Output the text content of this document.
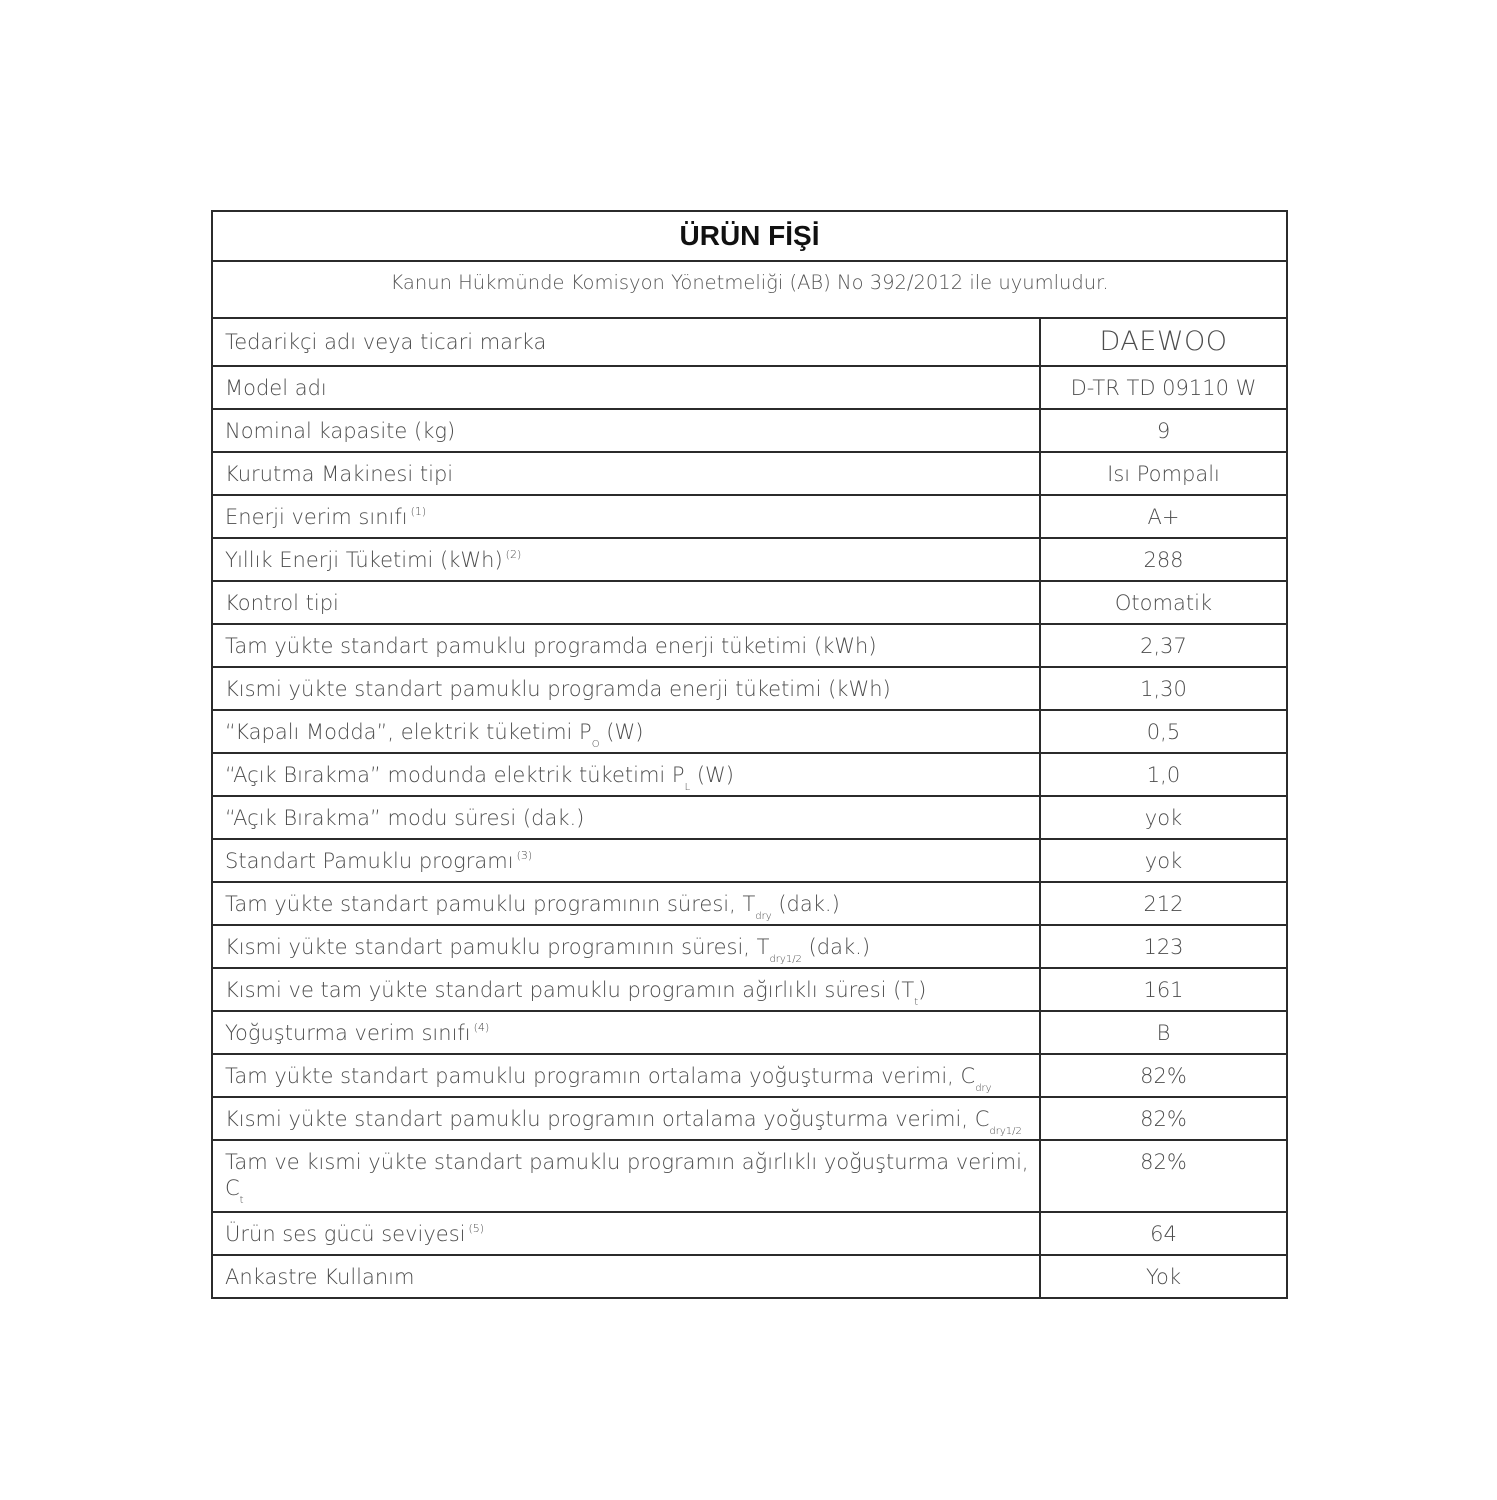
ÜRÜN FİŞİ
Kanun Hükmünde Komisyon Yönetmeliği (AB) No 392/2012 ile uyumludur.
Tedarikçi adı veya ticari marka	DAEWOO
Model adı	D-TR TD 09110 W
Nominal kapasite (kg)	9
Kurutma Makinesi tipi	Isı Pompalı
Enerji verim sınıfı $^{(1)}$	A+
Yıllık Enerji Tüketimi (kWh) $^{(2)}$	288
Kontrol tipi	Otomatik
Tam yükte standart pamuklu programda enerji tüketimi (kWh)	2,37
Kısmi yükte standart pamuklu programda enerji tüketimi (kWh)	1,30
“Kapalı Modda”, elektrik tüketimi $P_O$ (W)	0,5
“Açık Bırakma” modunda elektrik tüketimi $P_L$ (W)	1,0
“Açık Bırakma” modu süresi (dak.)	yok
Standart Pamuklu programı $^{(3)}$	yok
Tam yükte standart pamuklu programının süresi, $T_{dry}$ (dak.)	212
Kısmi yükte standart pamuklu programının süresi, $T_{dry1/2}$ (dak.)	123
Kısmi ve tam yükte standart pamuklu programın ağırlıklı süresi $(T_t)$	161
Yoğuşturma verim sınıfı $^{(4)}$	B
Tam yükte standart pamuklu programın ortalama yoğuşturma verimi, $C_{dry}$	82%
Kısmi yükte standart pamuklu programın ortalama yoğuşturma verimi, $C_{dry1/2}$	82%
Tam ve kısmi yükte standart pamuklu programın ağırlıklı yoğuşturma verimi, $C_t$	82%
Ürün ses gücü seviyesi $^{(5)}$	64
Ankastre Kullanım	Yok
